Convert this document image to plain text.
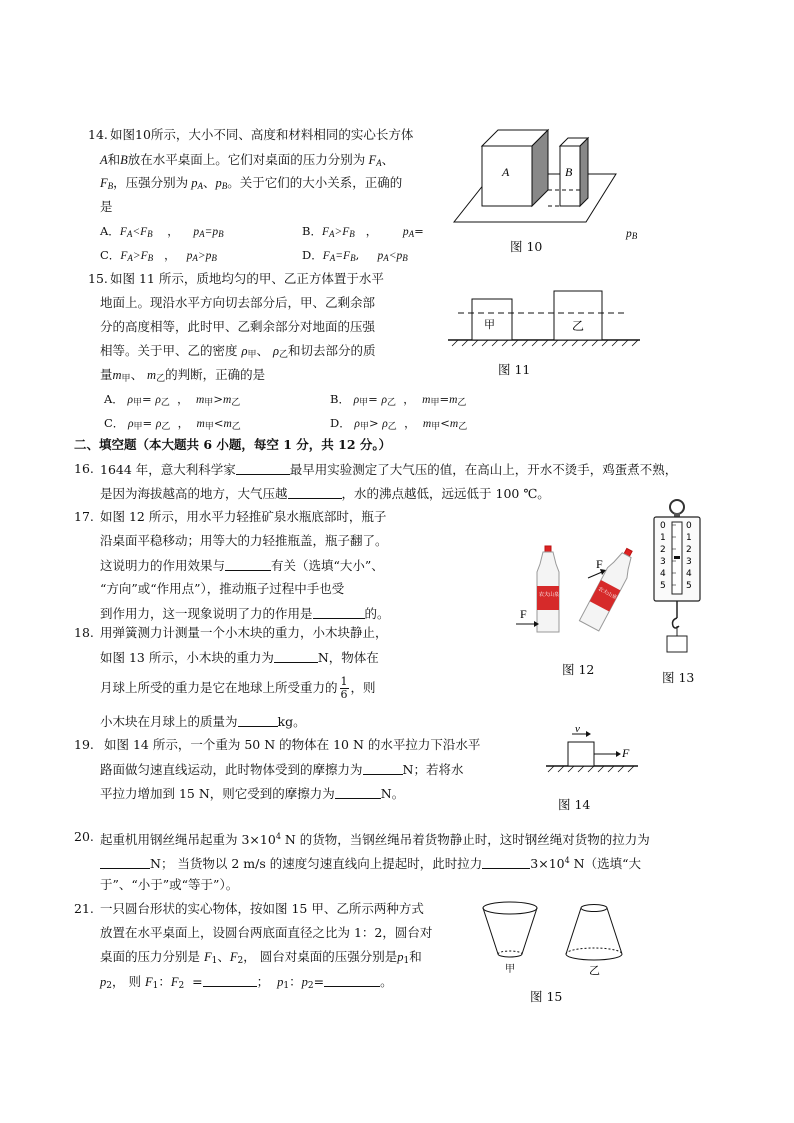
14. 如图10所示，大小不同、高度和材料相同的实心长方体
A和B放在水平桌面上。它们对桌面的压力分别为 $F_A$、
$F_B$，压强分别为 $p_A$、$p_B$。关于它们的大小关系，正确的
是
A．$F_A<F_B$    ，    $p_A=p_B$	B．$F_A>F_B$   ，       $p_A=$	$p_B$
C．$F_A>F_B$   ，   $p_A>p_B$	D．$F_A=F_B$,     $p_A<p_B$
A	B
图 10
15. 如图 11 所示，质地均匀的甲、乙正方体置于水平
地面上。现沿水平方向切去部分后，甲、乙剩余部
分的高度相等，此时甲、乙剩余部分对地面的压强
相等。关于甲、乙的密度 $\rho_甲$、 $\rho_乙$和切去部分的质
量$m_甲$、 $m_乙$的判断，正确的是
A． $\rho_甲= \rho_乙$  ，  $m_甲>m_乙$	B． $\rho_甲= \rho_乙$  ，  $m_甲=m_乙$
C． $\rho_甲= \rho_乙$  ，  $m_甲<m_乙$	D． $\rho_甲> \rho_乙$  ，  $m_甲<m_乙$
甲	乙
图 11
二、填空题（本大题共 6 小题，每空 1 分，共 12 分。）
16. 1644 年，意大利科学家	最早用实验测定了大气压的值，在高山上，开水不烫手，鸡蛋煮不熟，
是因为海拔越高的地方，大气压越	，水的沸点越低，远远低于 100 ℃。
17. 如图 12 所示，用水平力轻推矿泉水瓶底部时，瓶子
沿桌面平稳移动；用等大的力轻推瓶盖，瓶子翻了。
这说明力的作用效果与	有关（选填“大小”、
“方向”或“作用点”），推动瓶子过程中手也受
到作用力，这一现象说明了力的作用是	的。
农夫山泉	农夫山泉
F
F
图 12
18. 用弹簧测力计测量一个小木块的重力，小木块静止，
如图 13 所示，小木块的重力为	N，物体在
月球上所受的重力是它在地球上所受重力的 $\frac{1}{6}$ ，则
小木块在月球上的质量为	kg。
0 0
1 1
2 2
3 3
4 4
5 5
图 13
19. 如图 14 所示，一个重为 50 N 的物体在 10 N 的水平拉力下沿水平
路面做匀速直线运动，此时物体受到的摩擦力为	N；若将水
平拉力增加到 15 N，则它受到的摩擦力为	N。
v
F
图 14
20. 起重机用钢丝绳吊起重为 $3\times 10^4$ N 的货物，当钢丝绳吊着货物静止时，这时钢丝绳对货物的拉力为
N； 当货物以 2 m/s 的速度匀速直线向上提起时，此时拉力	$3\times 10^4$ N（选填“大
于”、“小于”或“等于”）。
21. 一只圆台形状的实心物体，按如图 15 甲、乙所示两种方式
放置在水平桌面上，设圆台两底面直径之比为 1：2，圆台对
桌面的压力分别是 $F_1$、$F_2$， 圆台对桌面的压强分别是$p_1$和
$p_2$， 则 $F_1$：$F_2$ =	； $p_1$：$p_2=$	。
甲	乙
图 15
